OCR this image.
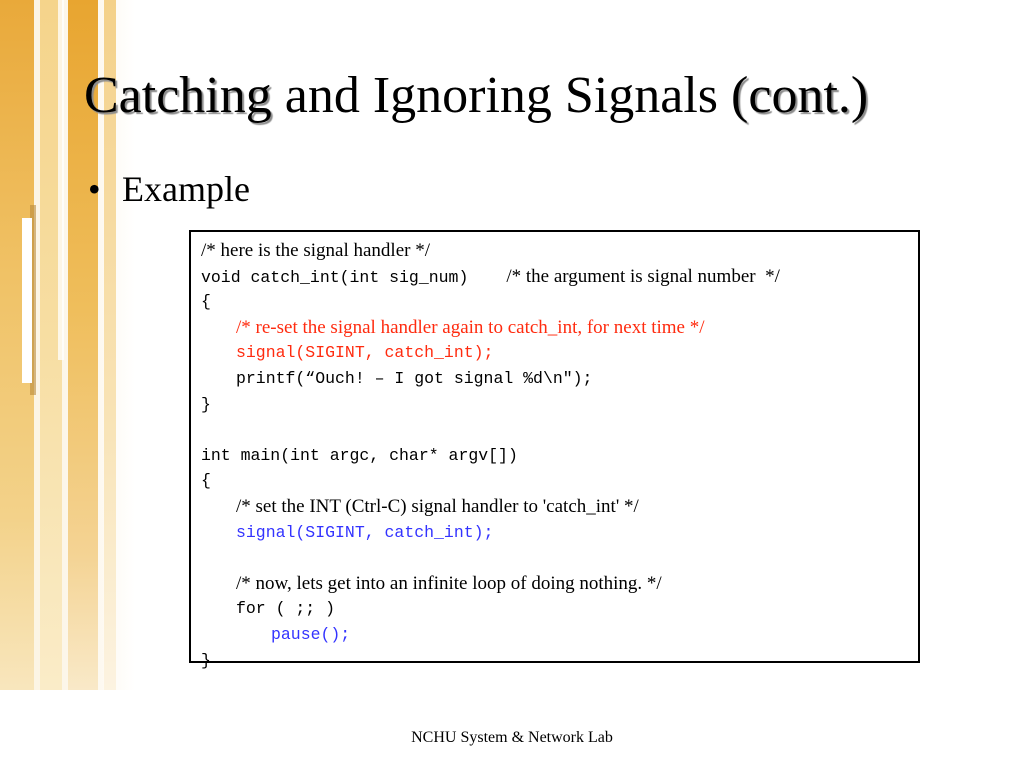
Catching and Ignoring Signals (cont.)
• Example
/* here is the signal handler */
void catch_int(int sig_num) /* the argument is signal number  */
{
/* re-set the signal handler again to catch_int, for next time */
signal(SIGINT, catch_int);
printf(“Ouch! – I got signal %d\n");
}
int main(int argc, char* argv[])
{
/* set the INT (Ctrl-C) signal handler to 'catch_int' */
signal(SIGINT, catch_int);
/* now, lets get into an infinite loop of doing nothing. */
for ( ;; )
pause();
}
NCHU System & Network Lab
